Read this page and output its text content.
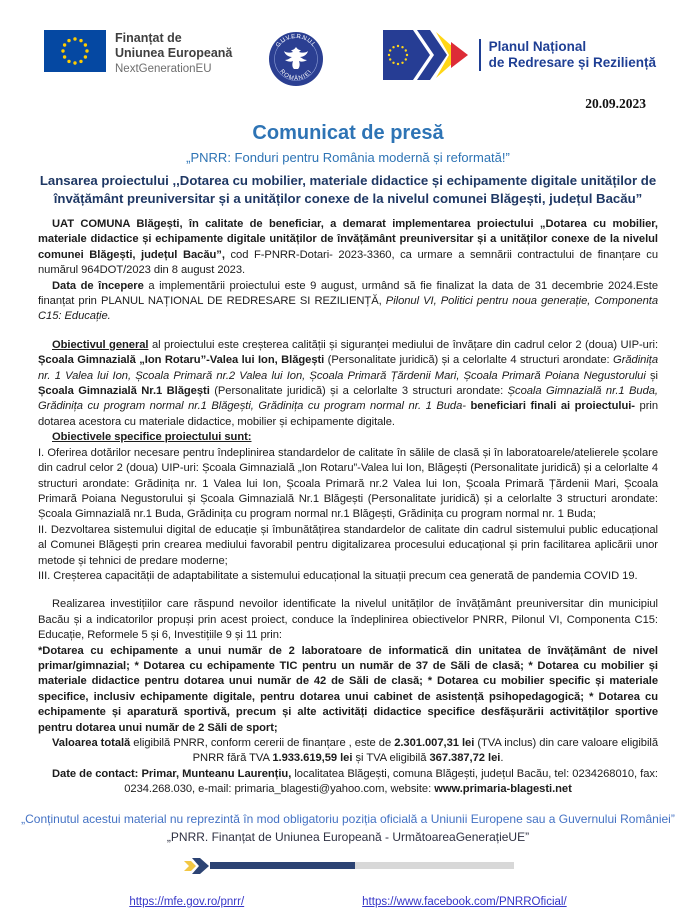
Finanțat de
Uniunea Europeană
NextGenerationEU
GUVERNUL
ROMÂNIEI
Planul Național
de Redresare și Reziliență
20.09.2023
Comunicat de presă
„PNRR: Fonduri pentru România modernă și reformată!”
Lansarea proiectului ,,Dotarea cu mobilier, materiale didactice și echipamente digitale unităților de învățământ preuniversitar și a unităților conexe de la nivelul comunei Blăgești, județul Bacău”

UAT COMUNA Blăgești, în calitate de beneficiar, a demarat implementarea proiectului „Dotarea cu mobilier, materiale didactice și echipamente digitale unităților de învățământ preuniversitar și a unităților conexe de la nivelul comunei Blăgești, județul Bacău”, cod F-PNRR-Dotari- 2023-3360, ca urmare a semnării contractului de finanțare cu numărul 964DOT/2023 din 8 august 2023.

Data de începere a implementării proiectului este 9 august, urmând să fie finalizat la data de 31 decembrie 2024.Este finanțat prin PLANUL NAȚIONAL DE REDRESARE SI REZILIENȚĂ, Pilonul VI, Politici pentru noua generație, Componenta C15: Educație.

Obiectivul general al proiectului este creșterea calității și siguranței mediului de învățare din cadrul celor 2 (doua) UIP-uri: Școala Gimnazială „Ion Rotaru”-Valea lui Ion, Blăgești (Personalitate juridică) și a celorlalte 4 structuri arondate: Grădinița nr. 1 Valea lui Ion, Școala Primară nr.2 Valea lui Ion, Școala Primară Țărdenii Mari, Școala Primară Poiana Negustorului și Școala Gimnazială Nr.1 Blăgești (Personalitate juridică) și a celorlalte 3 structuri arondate: Școala Gimnazială nr.1 Buda, Grădinița cu program normal nr.1 Blăgești, Grădinița cu program normal nr. 1 Buda- beneficiari finali ai proiectului- prin dotarea acestora cu materiale didactice, mobilier și echipamente digitale.

Obiectivele specifice proiectului sunt:

I. Oferirea dotărilor necesare pentru îndeplinirea standardelor de calitate în sălile de clasă și în laboratoarele/atelierele școlare din cadrul celor 2 (doua) UIP-uri: Școala Gimnazială „Ion Rotaru”-Valea lui Ion, Blăgești (Personalitate juridică) și a celorlalte 4 structuri arondate: Grădinița nr. 1 Valea lui Ion, Școala Primară nr.2 Valea lui Ion, Școala Primară Țărdenii Mari, Școala Primară Poiana Negustorului și Școala Gimnazială Nr.1 Blăgești (Personalitate juridică) și a celorlalte 3 structuri arondate: Școala Gimnazială nr.1 Buda, Grădinița cu program normal nr.1 Blăgești, Grădinița cu program normal nr. 1 Buda;

II. Dezvoltarea sistemului digital de educație și îmbunătățirea standardelor de calitate din cadrul sistemului public educațional al Comunei Blăgești prin crearea mediului favorabil pentru digitalizarea procesului educațional și prin facilitarea aplicării unor metode și tehnici de predare moderne;

III. Creșterea capacității de adaptabilitate a sistemului educațional la situații precum cea generată de pandemia COVID 19.

Realizarea investițiilor care răspund nevoilor identificate la nivelul unităților de învățământ preuniversitar din municipiul Bacău și a indicatorilor propuși prin acest proiect, conduce la îndeplinirea obiectivelor PNRR, Pilonul VI, Componenta C15: Educație, Reformele 5 și 6, Investițiile 9 și 11 prin:

*Dotarea cu echipamente a unui număr de 2 laboratoare de informatică din unitatea de învățământ de nivel primar/gimnazial; * Dotarea cu echipamente TIC pentru un număr de 37 de Săli de clasă; * Dotarea cu mobilier și materiale didactice pentru dotarea unui număr de 42 de Săli de clasă; * Dotarea cu mobilier specific și materiale specifice, inclusiv echipamente digitale, pentru dotarea unui cabinet de asistență psihopedagogică; * Dotarea cu echipamente și aparatură sportivă, precum și alte activități didactice specifice desfășurării activităților sportive pentru dotarea unui număr de 2 Săli de sport;

Valoarea totală eligibilă PNRR, conform cererii de finanțare , este de 2.301.007,31 lei (TVA inclus) din care valoare eligibilă PNRR fără TVA 1.933.619,59 lei și TVA eligibilă 367.387,72 lei.

Date de contact: Primar, Munteanu Laurențiu, localitatea Blăgești, comuna Blăgești, județul Bacău, tel: 0234268010, fax: 0234.268.030, e-mail: primaria_blagesti@yahoo.com, website: www.primaria-blagesti.net

„Conținutul acestui material nu reprezintă în mod obligatoriu poziția oficială a Uniunii Europene sau a Guvernului României”
„PNRR. Finanțat de Uniunea Europeană - UrmătoareaGenerațieUE”
https://mfe.gov.ro/pnrr/	https://www.facebook.com/PNRROficial/
